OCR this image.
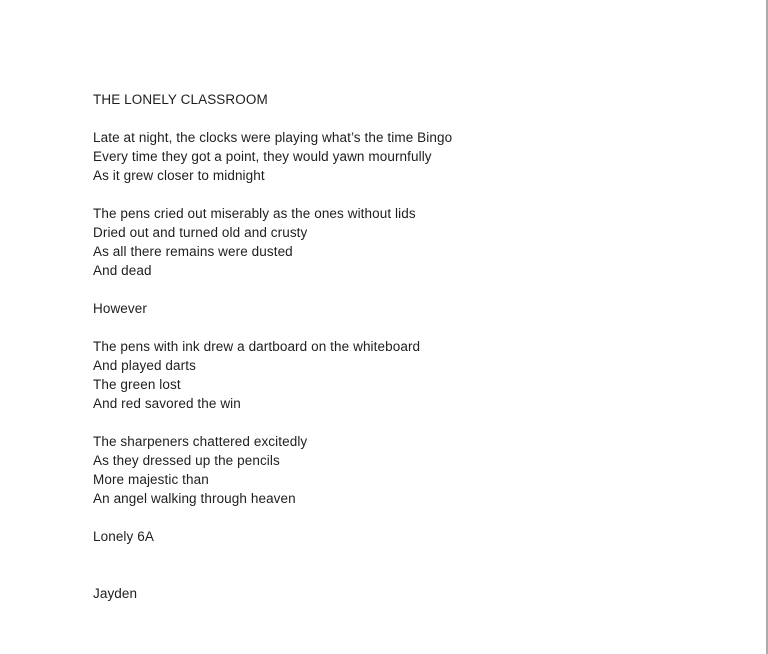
THE LONELY CLASSROOM
Late at night, the clocks were playing what’s the time Bingo
Every time they got a point, they would yawn mournfully
As it grew closer to midnight
The pens cried out miserably as the ones without lids
Dried out and turned old and crusty
As all there remains were dusted
And dead
However
The pens with ink drew a dartboard on the whiteboard
And played darts
The green lost
And red savored the win
The sharpeners chattered excitedly
As they dressed up the pencils
More majestic than
An angel walking through heaven
Lonely 6A
Jayden
